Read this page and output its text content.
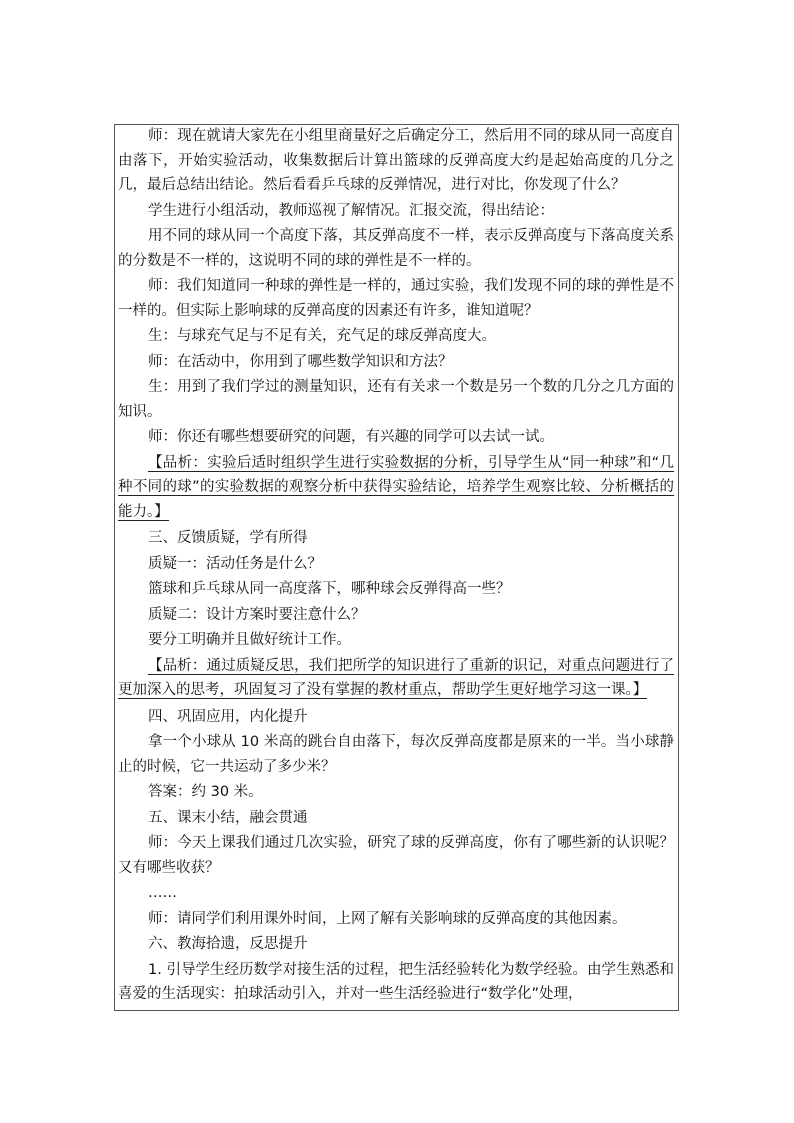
师：现在就请大家先在小组里商量好之后确定分工，然后用不同的球从同一高度自由落下，开始实验活动，收集数据后计算出篮球的反弹高度大约是起始高度的几分之几，最后总结出结论。然后看看乒乓球的反弹情况，进行对比，你发现了什么？

学生进行小组活动，教师巡视了解情况。汇报交流，得出结论：

用不同的球从同一个高度下落，其反弹高度不一样，表示反弹高度与下落高度关系的分数是不一样的，这说明不同的球的弹性是不一样的。

师：我们知道同一种球的弹性是一样的，通过实验，我们发现不同的球的弹性是不一样的。但实际上影响球的反弹高度的因素还有许多，谁知道呢？

生：与球充气足与不足有关，充气足的球反弹高度大。

师：在活动中，你用到了哪些数学知识和方法？

生：用到了我们学过的测量知识，还有有关求一个数是另一个数的几分之几方面的知识。

师：你还有哪些想要研究的问题，有兴趣的同学可以去试一试。

【品析：实验后适时组织学生进行实验数据的分析，引导学生从“同一种球”和“几种不同的球”的实验数据的观察分析中获得实验结论，培养学生观察比较、分析概括的能力。】

三、反馈质疑，学有所得

质疑一：活动任务是什么？

篮球和乒乓球从同一高度落下，哪种球会反弹得高一些？

质疑二：设计方案时要注意什么？

要分工明确并且做好统计工作。

【品析：通过质疑反思，我们把所学的知识进行了重新的识记，对重点问题进行了更加深入的思考，巩固复习了没有掌握的教材重点，帮助学生更好地学习这一课。】

四、巩固应用，内化提升

拿一个小球从 10 米高的跳台自由落下，每次反弹高度都是原来的一半。当小球静止的时候，它一共运动了多少米？

答案：约 30 米。

五、课末小结，融会贯通

师：今天上课我们通过几次实验，研究了球的反弹高度，你有了哪些新的认识呢？又有哪些收获？

……

师：请同学们利用课外时间，上网了解有关影响球的反弹高度的其他因素。

六、教海拾遗，反思提升

1. 引导学生经历数学对接生活的过程，把生活经验转化为数学经验。由学生熟悉和喜爱的生活现实：拍球活动引入，并对一些生活经验进行“数学化”处理，
